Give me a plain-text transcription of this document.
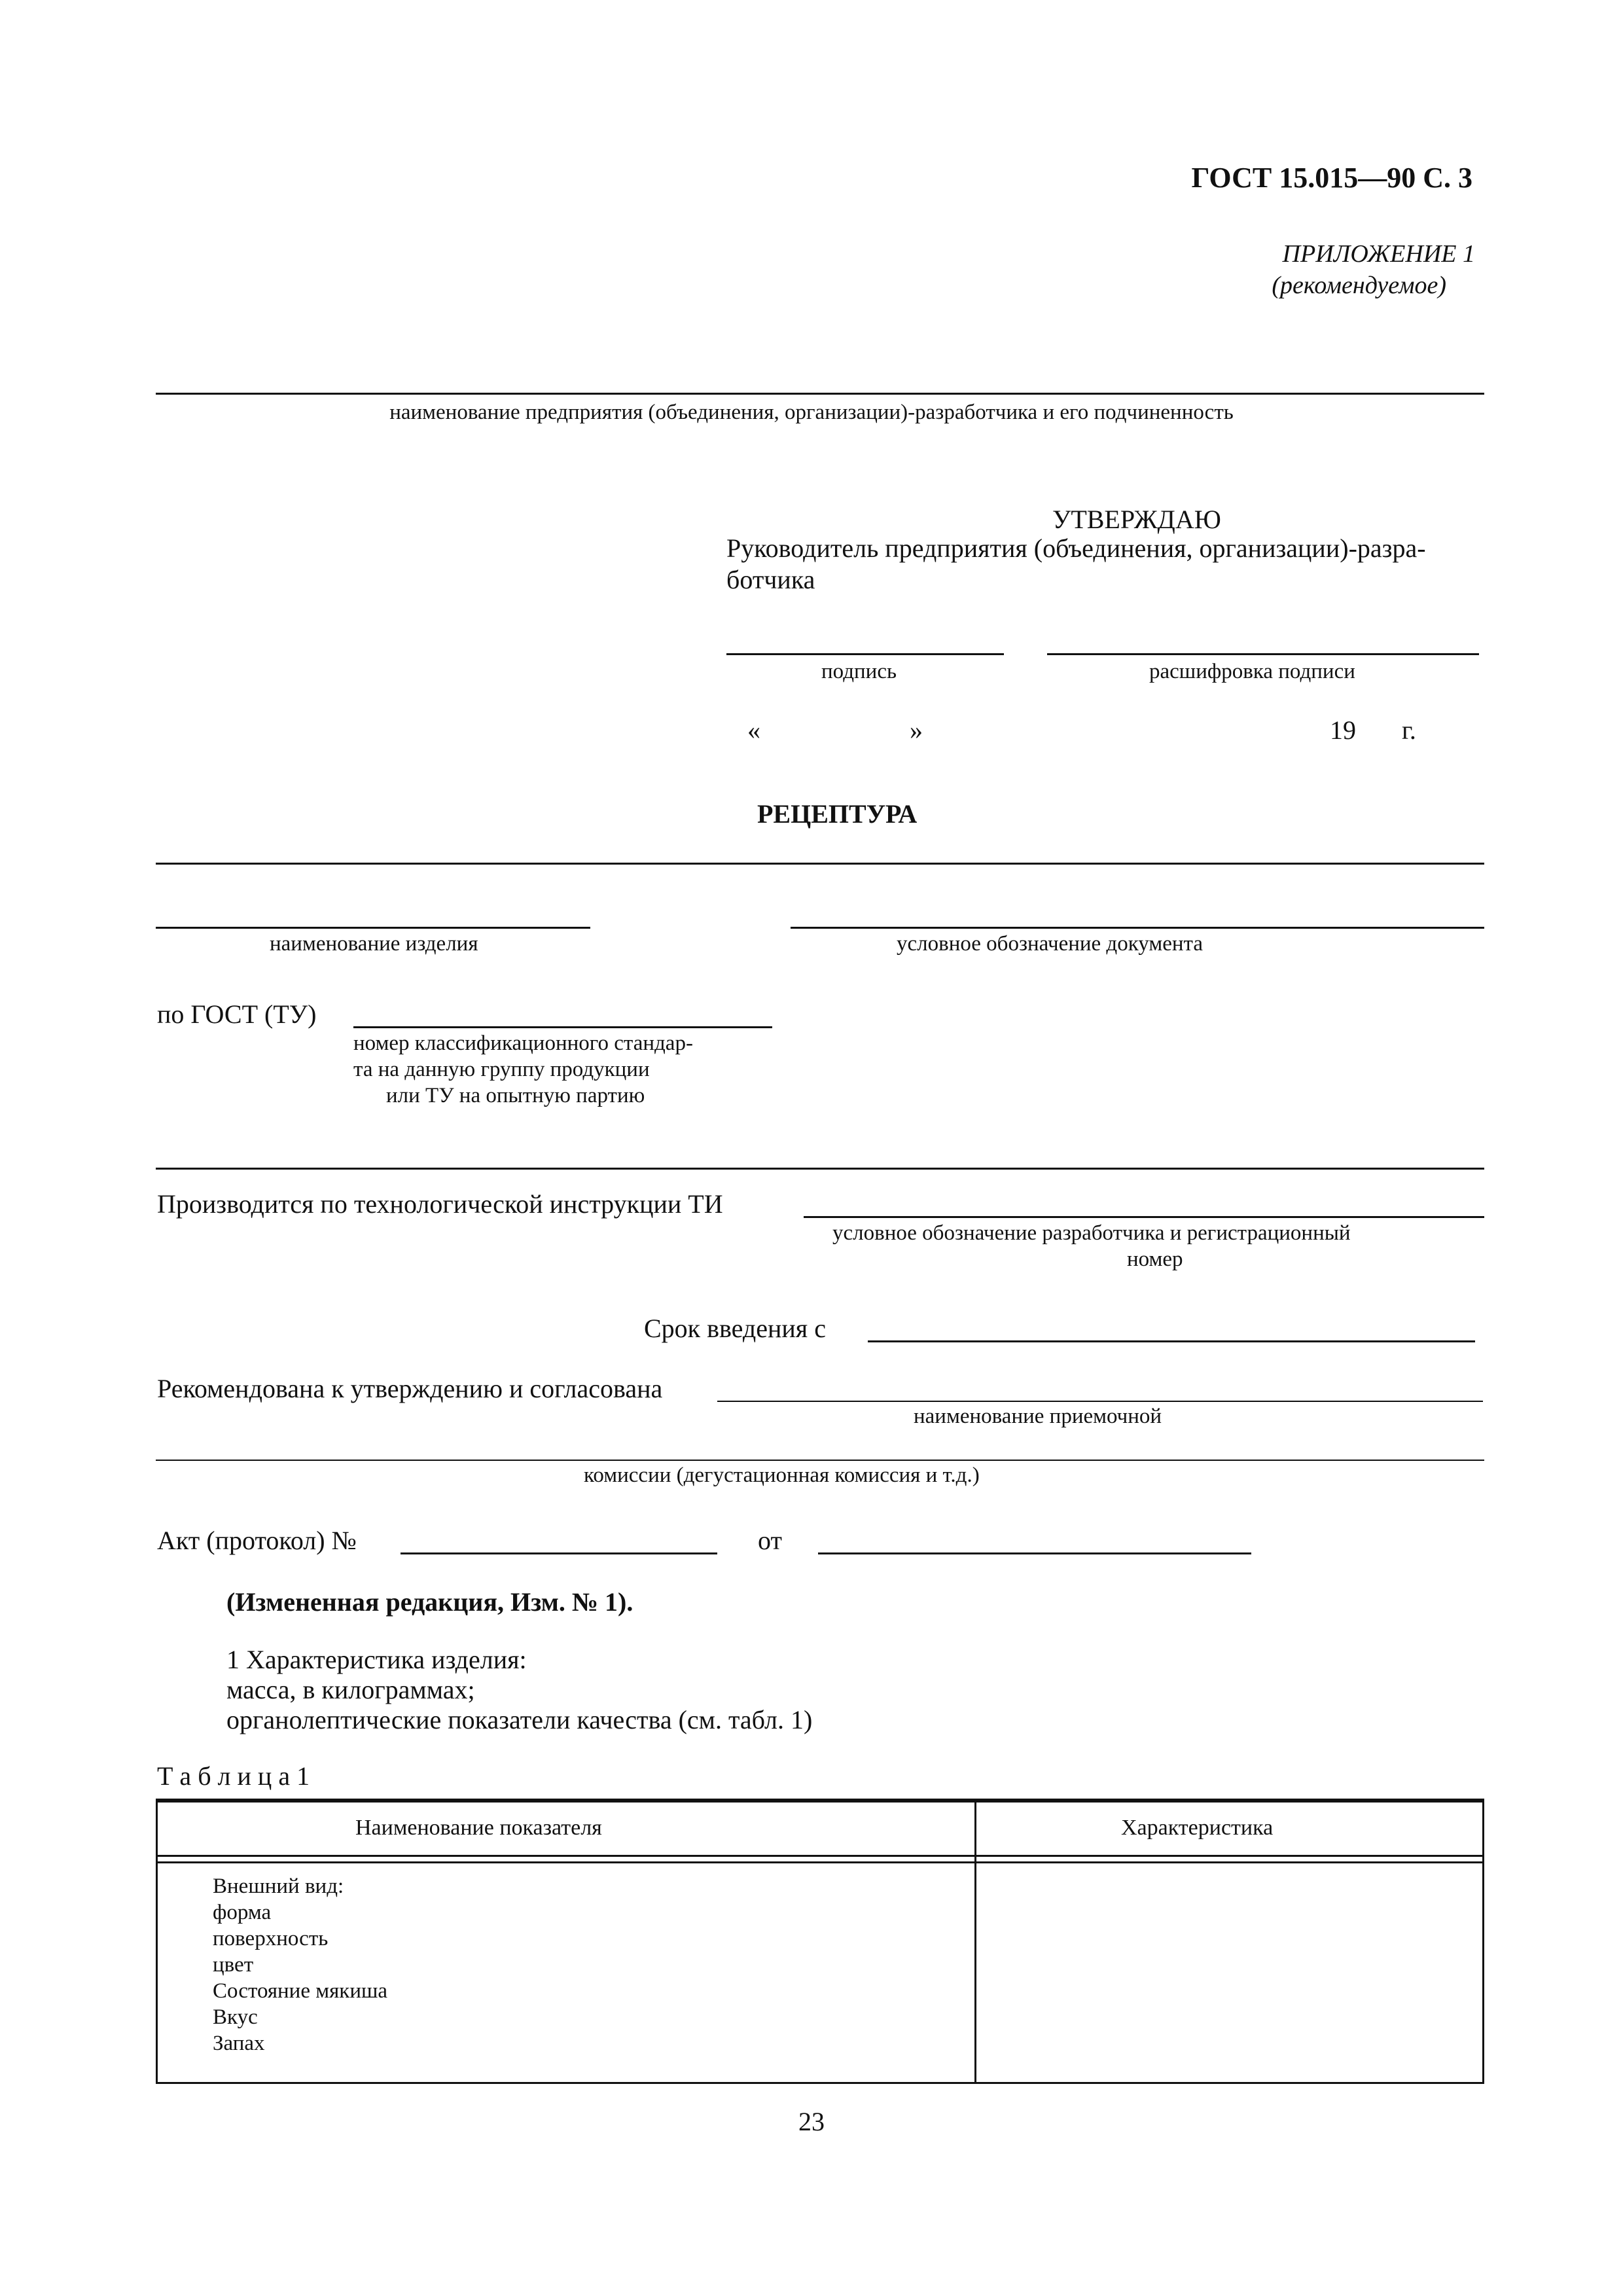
ГОСТ 15.015—90 С. 3
ПРИЛОЖЕНИЕ 1
(рекомендуемое)
наименование предприятия (объединения, организации)-разработчика и его подчиненность
УТВЕРЖДАЮ
Руководитель предприятия (объединения, организации)-разра-
ботчика
подпись	расшифровка подписи
«	»	19 г.
РЕЦЕПТУРА
наименование изделия	условное обозначение документа
по ГОСТ (ТУ)
номер классификационного стандар-
та на данную группу продукции
или ТУ на опытную партию
Производится по технологической инструкции ТИ
условное обозначение разработчика и регистрационный
номер
Срок введения с
Рекомендована к утверждению и согласована
наименование приемочной
комиссии (дегустационная комиссия и т.д.)
Акт (протокол) №	от
(Измененная редакция, Изм. № 1).
1 Характеристика изделия:
масса, в килограммах;
органолептические показатели качества (см. табл. 1)
Т а б л и ц а 1
Наименование показателя	Характеристика
Внешний вид:
форма
поверхность
цвет
Состояние мякиша
Вкус
Запах
23
